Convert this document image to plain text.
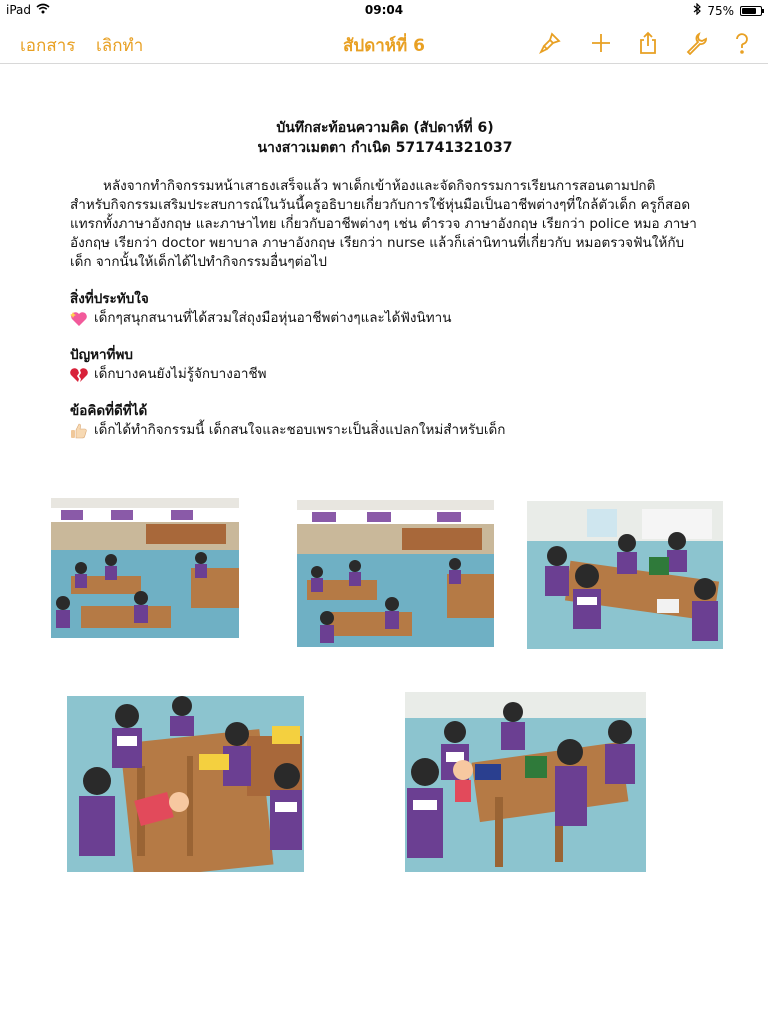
iPad	09:04	75%
เอกสาร เลิกทำ	สัปดาห์ที่ 6
บันทึกสะท้อนความคิด (สัปดาห์ที่ 6)
นางสาวเมตตา กำเนิด 571741321037

หลังจากทำกิจกรรมหน้าเสาธงเสร็จแล้ว พาเด็กเข้าห้องและจัดกิจกรรมการเรียนการสอนตามปกติ สำหรับกิจกรรมเสริมประสบการณ์ในวันนี้ครูอธิบายเกี่ยวกับการใช้หุ่นมือเป็นอาชีพต่างๆที่ใกล้ตัวเด็ก ครูก็สอดแทรกทั้งภาษาอังกฤษ และภาษาไทย เกี่ยวกับอาชีพต่างๆ เช่น ตำรวจ ภาษาอังกฤษ เรียกว่า police หมอ ภาษาอังกฤษ เรียกว่า doctor พยาบาล ภาษาอังกฤษ เรียกว่า nurse แล้วก็เล่านิทานที่เกี่ยวกับ หมอตรวจฟันให้กับเด็ก จากนั้นให้เด็กได้ไปทำกิจกรรมอื่นๆต่อไป

สิ่งที่ประทับใจ
เด็กๆสนุกสนานที่ได้สวมใส่ถุงมือหุ่นอาชีพต่างๆและได้ฟังนิทาน
ปัญหาที่พบ
เด็กบางคนยังไม่รู้จักบางอาชีพ
ข้อคิดที่ดีที่ได้
เด็กได้ทำกิจกรรมนี้ เด็กสนใจและชอบเพราะเป็นสิ่งแปลกใหม่สำหรับเด็ก
